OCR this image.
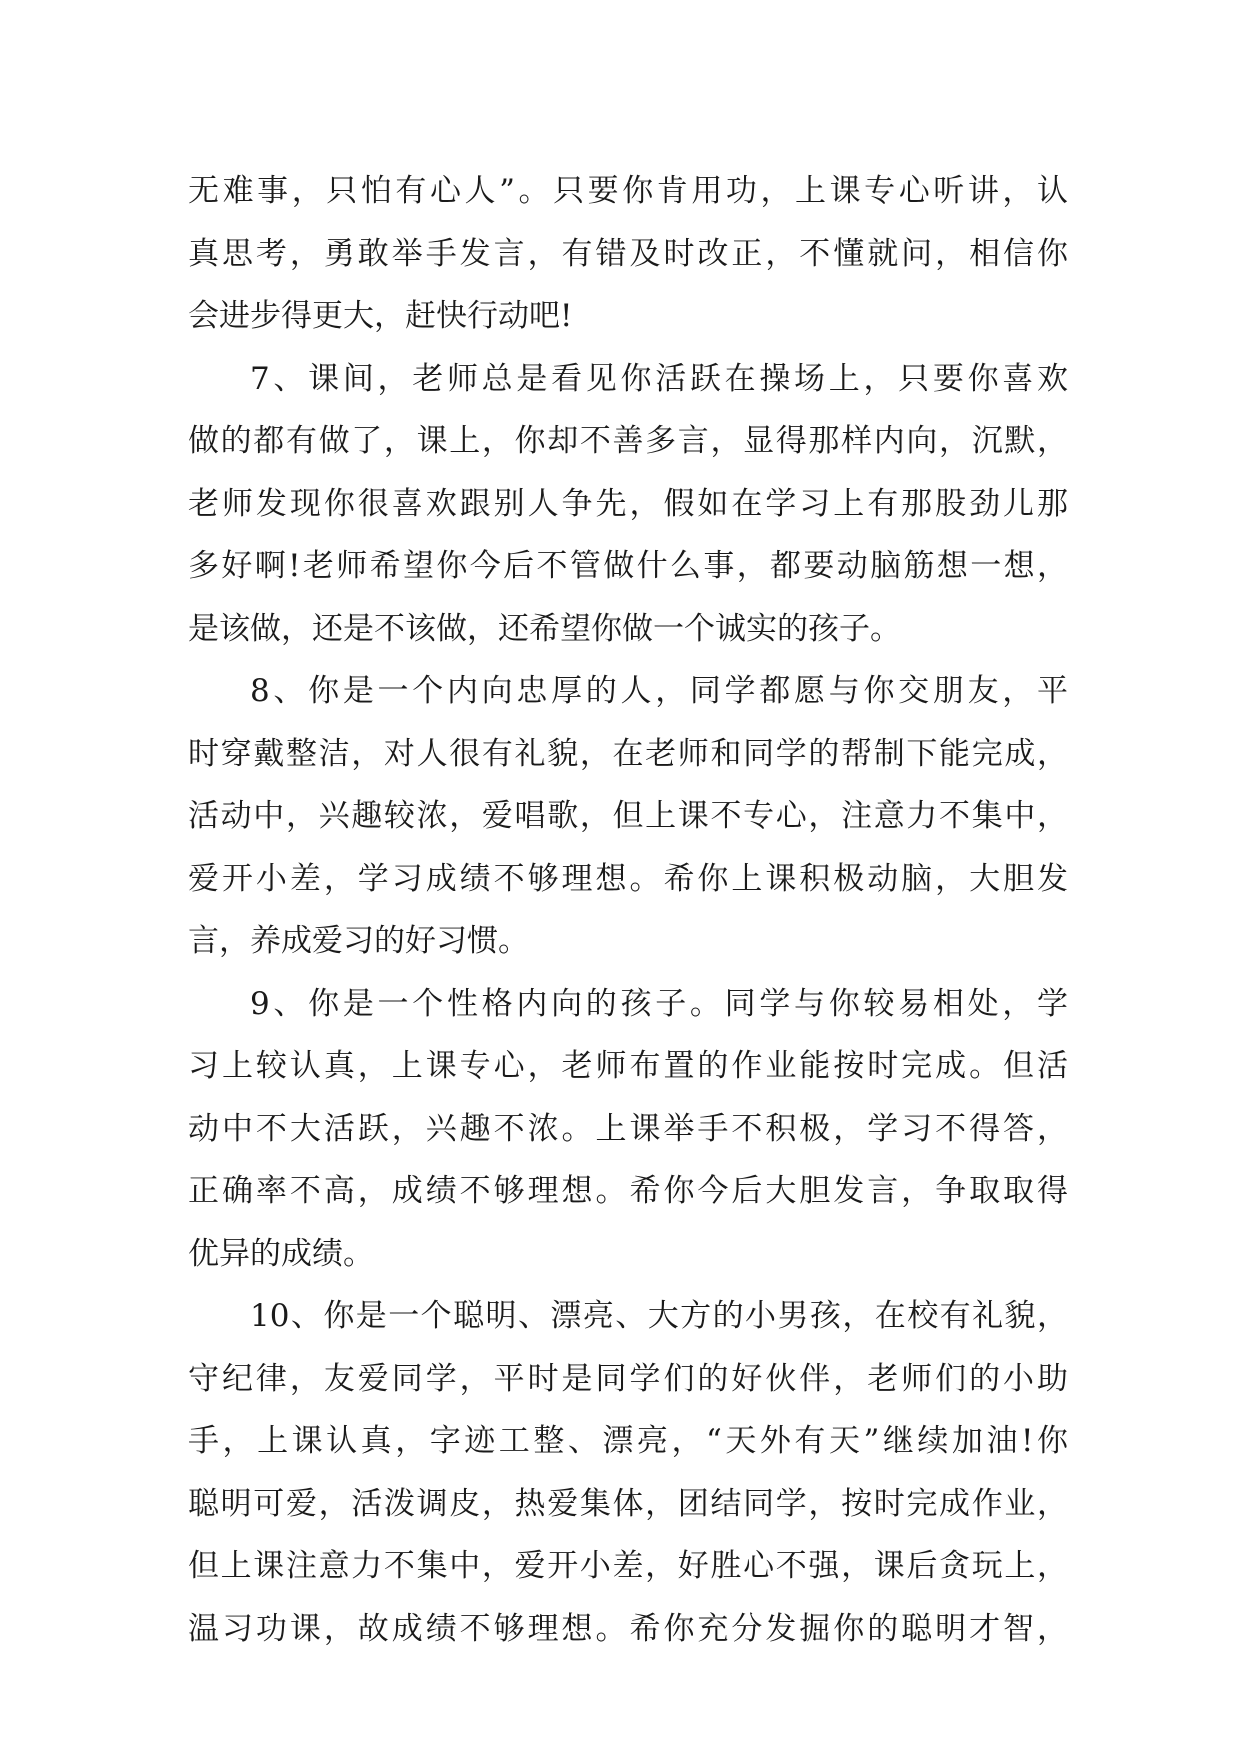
无难事，只怕有心人”。只要你肯用功，上课专心听讲，认
真思考，勇敢举手发言，有错及时改正，不懂就问，相信你
会进步得更大，赶快行动吧!
7、课间，老师总是看见你活跃在操场上，只要你喜欢
做的都有做了，课上，你却不善多言，显得那样内向，沉默，
老师发现你很喜欢跟别人争先，假如在学习上有那股劲儿那
多好啊!老师希望你今后不管做什么事，都要动脑筋想一想，
是该做，还是不该做，还希望你做一个诚实的孩子。
8、你是一个内向忠厚的人，同学都愿与你交朋友，平
时穿戴整洁，对人很有礼貌，在老师和同学的帮制下能完成，
活动中，兴趣较浓，爱唱歌，但上课不专心，注意力不集中，
爱开小差，学习成绩不够理想。希你上课积极动脑，大胆发
言，养成爱习的好习惯。
9、你是一个性格内向的孩子。同学与你较易相处，学
习上较认真，上课专心，老师布置的作业能按时完成。但活
动中不大活跃，兴趣不浓。上课举手不积极，学习不得答，
正确率不高，成绩不够理想。希你今后大胆发言，争取取得
优异的成绩。
10、你是一个聪明、漂亮、大方的小男孩，在校有礼貌，
守纪律，友爱同学，平时是同学们的好伙伴，老师们的小助
手，上课认真，字迹工整、漂亮，“天外有天”继续加油!你
聪明可爱，活泼调皮，热爱集体，团结同学，按时完成作业，
但上课注意力不集中，爱开小差，好胜心不强，课后贪玩上，
温习功课，故成绩不够理想。希你充分发掘你的聪明才智，
